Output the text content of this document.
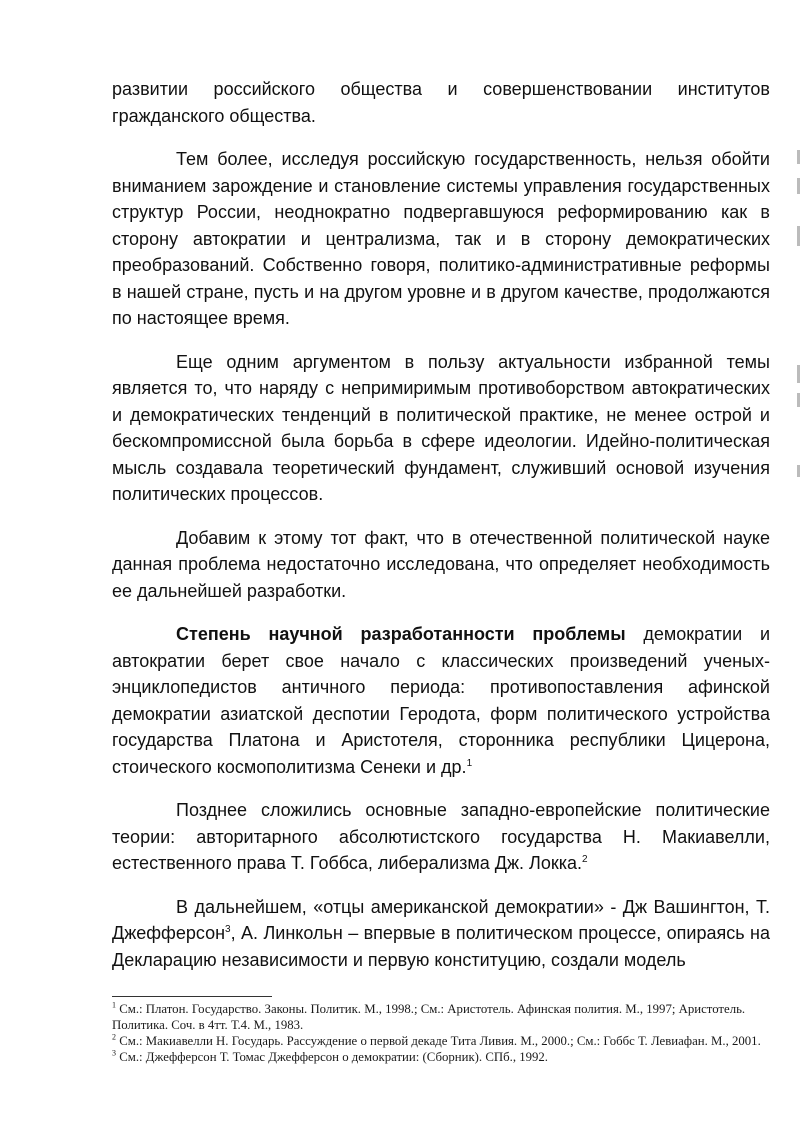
развитии российского общества и совершенствовании институтов гражданского общества.

Тем более, исследуя российскую государственность, нельзя обойти вниманием зарождение и становление системы управления государственных структур России, неоднократно подвергавшуюся реформированию как в сторону автократии и централизма, так и в сторону демократических преобразований. Собственно говоря, политико-административные реформы в нашей стране, пусть и на другом уровне и в другом качестве, продолжаются по настоящее время.

Еще одним аргументом в пользу актуальности избранной темы является то, что наряду с непримиримым противоборством автократических и демократических тенденций в политической практике, не менее острой и бескомпромиссной была борьба в сфере идеологии. Идейно-политическая мысль создавала теоретический фундамент, служивший основой изучения политических процессов.

Добавим к этому тот факт, что в отечественной политической науке данная проблема недостаточно исследована, что определяет необходимость ее дальнейшей разработки.

Степень научной разработанности проблемы демократии и автократии берет свое начало с классических произведений ученых-энциклопедистов античного периода: противопоставления афинской демократии азиатской деспотии Геродота, форм политического устройства государства Платона и Аристотеля, сторонника республики Цицерона, стоического космополитизма Сенеки и др.$^1$

Позднее сложились основные западно-европейские политические теории: авторитарного абсолютистского государства Н. Макиавелли, естественного права Т. Гоббса, либерализма Дж. Локка.$^2$

В дальнейшем, «отцы американской демократии» - Дж Вашингтон, Т. Джефферсон$^3$, А. Линкольн – впервые в политическом процессе, опираясь на Декларацию независимости и первую конституцию, создали модель

$^1$ См.: Платон. Государство. Законы. Политик. М., 1998.; См.: Аристотель. Афинская полития. М., 1997; Аристотель. Политика. Соч. в 4тт. Т.4. М., 1983.

$^2$ См.: Макиавелли Н. Государь. Рассуждение о первой декаде Тита Ливия. М., 2000.; См.: Гоббс Т. Левиафан. М., 2001.

$^3$ См.: Джефферсон Т. Томас Джефферсон о демократии: (Сборник). СПб., 1992.
